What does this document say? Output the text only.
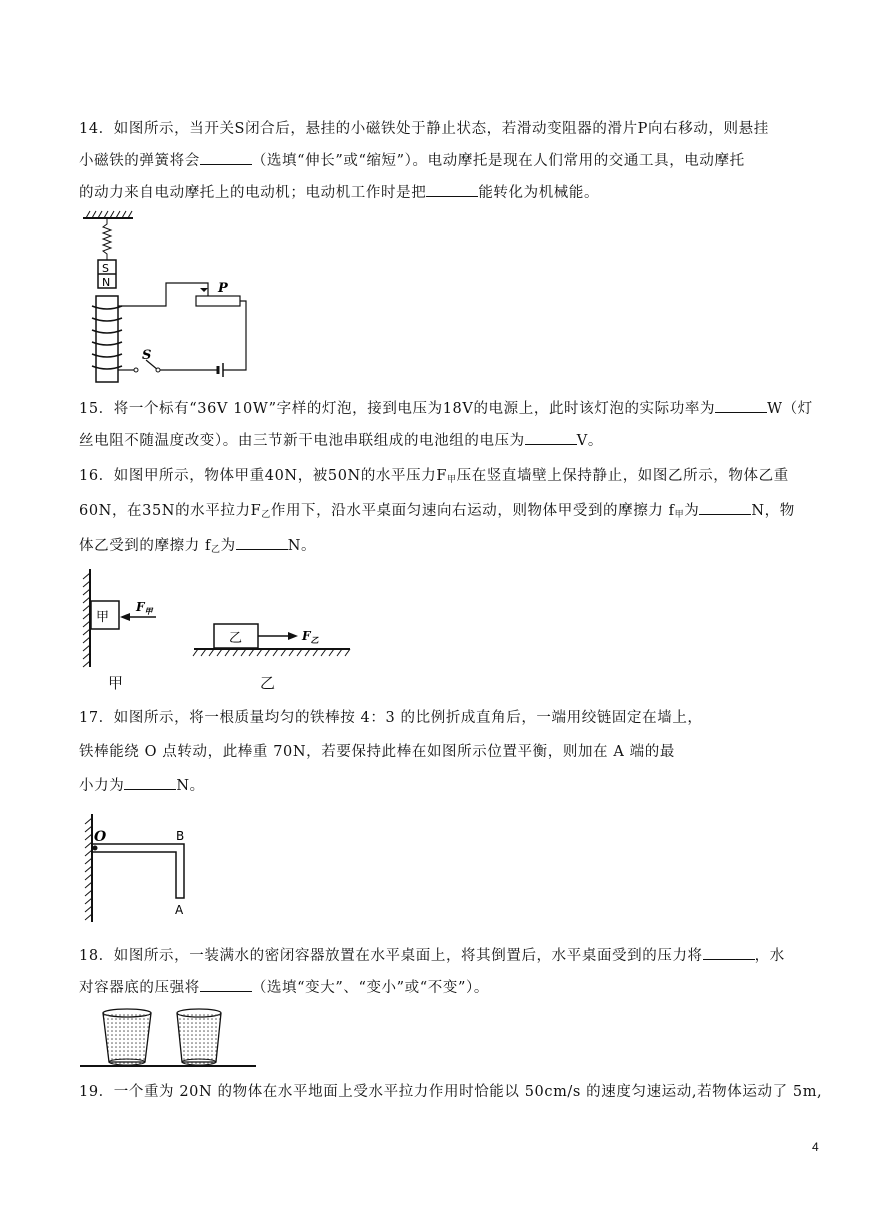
14．如图所示，当开关S闭合后，悬挂的小磁铁处于静止状态，若滑动变阻器的滑片P向右移动，则悬挂
小磁铁的弹簧将会	（选填“伸长”或“缩短”）。电动摩托是现在人们常用的交通工具，电动摩托
的动力来自电动摩托上的电动机；电动机工作时是把	能转化为机械能。
S
N	P
S
15．将一个标有“36V 10W”字样的灯泡，接到电压为18V的电源上，此时该灯泡的实际功率为	W（灯
丝电阻不随温度改变）。由三节新干电池串联组成的电池组的电压为	V。
16．如图甲所示，物体甲重40N，被50N的水平压力$F_甲$压在竖直墙壁上保持静止，如图乙所示，物体乙重
60N，在35N的水平拉力$F_乙$作用下，沿水平桌面匀速向右运动，则物体甲受到的摩擦力 $f_甲$为	N，物
体乙受到的摩擦力 $f_乙$为	N。
甲
$F_甲$
乙	$F_乙$
甲	乙
17．如图所示，将一根质量均匀的铁棒按 4：3 的比例折成直角后，一端用绞链固定在墙上，
铁棒能绕 O 点转动，此棒重 70N，若要保持此棒在如图所示位置平衡，则加在 A 端的最
小力为	N。
O	B
A
18．如图所示，一装满水的密闭容器放置在水平桌面上，将其倒置后，水平桌面受到的压力将	，水
对容器底的压强将	（选填“变大”、“变小”或“不变”）。
19．一个重为 20N 的物体在水平地面上受水平拉力作用时恰能以 50cm/s 的速度匀速运动,若物体运动了 5m,
4
